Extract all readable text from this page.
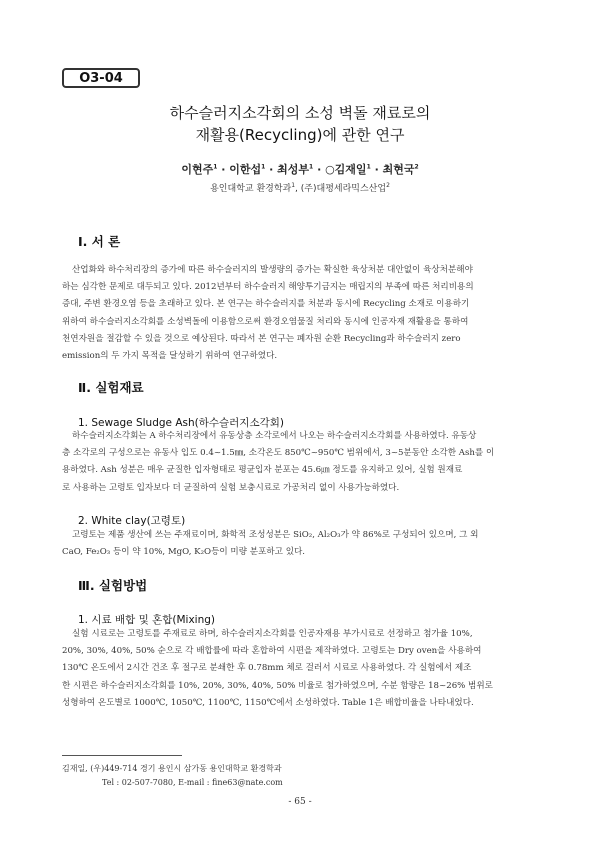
O3-04
하수슬러지소각회의 소성 벽돌 재료로의
재활용(Recycling)에 관한 연구
이현주$^1$ · 이한섭$^1$ · 최성부$^1$ · ○김재일$^1$ · 최현국$^2$
용인대학교 환경학과$^1$, (주)대평세라믹스산업$^2$
Ⅰ. 서 론

산업화와 하수처리장의 증가에 따른 하수슬러지의 발생량의 증가는 확실한 육상처분 대안없이 육상처분해야

하는 심각한 문제로 대두되고 있다. 2012년부터 하수슬러지 해양투기금지는 매립지의 부족에 따른 처리비용의

증대, 주변 환경오염 등을 초래하고 있다. 본 연구는 하수슬러지를 처분과 동시에 Recycling 소재로 이용하기

위하여 하수슬러지소각회를 소성벽돌에 이용함으로써 환경오염물질 처리와 동시에 인공자재 재활용을 통하여

천연자원을 절감할 수 있을 것으로 예상된다. 따라서 본 연구는 폐자원 순환 Recycling과 하수슬러지 zero

emission의 두 가지 목적을 달성하기 위하여 연구하였다.

Ⅱ. 실험재료
1. Sewage Sludge Ash(하수슬러지소각회)

하수슬러지소각회는 A 하수처리장에서 유동상층 소각로에서 나오는 하수슬러지소각회를 사용하였다. 유동상

층 소각로의 구성으로는 유동사 입도 0.4~1.5㎜, 소각온도 850℃~950℃ 범위에서, 3~5분동안 소각한 Ash를 이

용하였다. Ash 성분은 매우 균질한 입자형태로 평균입자 분포는 45.6㎛ 정도를 유지하고 있어, 실험 원재료

로 사용하는 고령토 입자보다 더 균질하여 실험 보충시료로 가공처리 없이 사용가능하였다.

2. White clay(고령토)

고령토는 제품 생산에 쓰는 주재료이며, 화학적 조성성분은 SiO₂, Al₂O₃가 약 86%로 구성되어 있으며, 그 외

CaO, Fe₂O₃ 등이 약 10%, MgO, K₂O등이 미량 분포하고 있다.

Ⅲ. 실험방법
1. 시료 배합 및 혼합(Mixing)

실험 시료로는 고령토를 주재료로 하며, 하수슬러지소각회를 인공자재용 부가시료로 선정하고 첨가율 10%,

20%, 30%, 40%, 50% 순으로 각 배합률에 따라 혼합하여 시편을 제작하였다. 고령토는 Dry oven을 사용하여

130℃ 온도에서 2시간 건조 후 절구로 분쇄한 후 0.78mm 체로 걸러서 시료로 사용하였다. 각 실험에서 제조

한 시편은 하수슬러지소각회를 10%, 20%, 30%, 40%, 50% 비율로 첨가하였으며, 수분 함량은 18~26% 범위로

성형하여 온도별로 1000℃, 1050℃, 1100℃, 1150℃에서 소성하였다. Table 1은 배합비율을 나타내었다.

김재일, (우)449-714 경기 용인시 삼가동 용인대학교 환경학과
Tel : 02-507-7080, E-mail : fine63@nate.com
- 65 -
